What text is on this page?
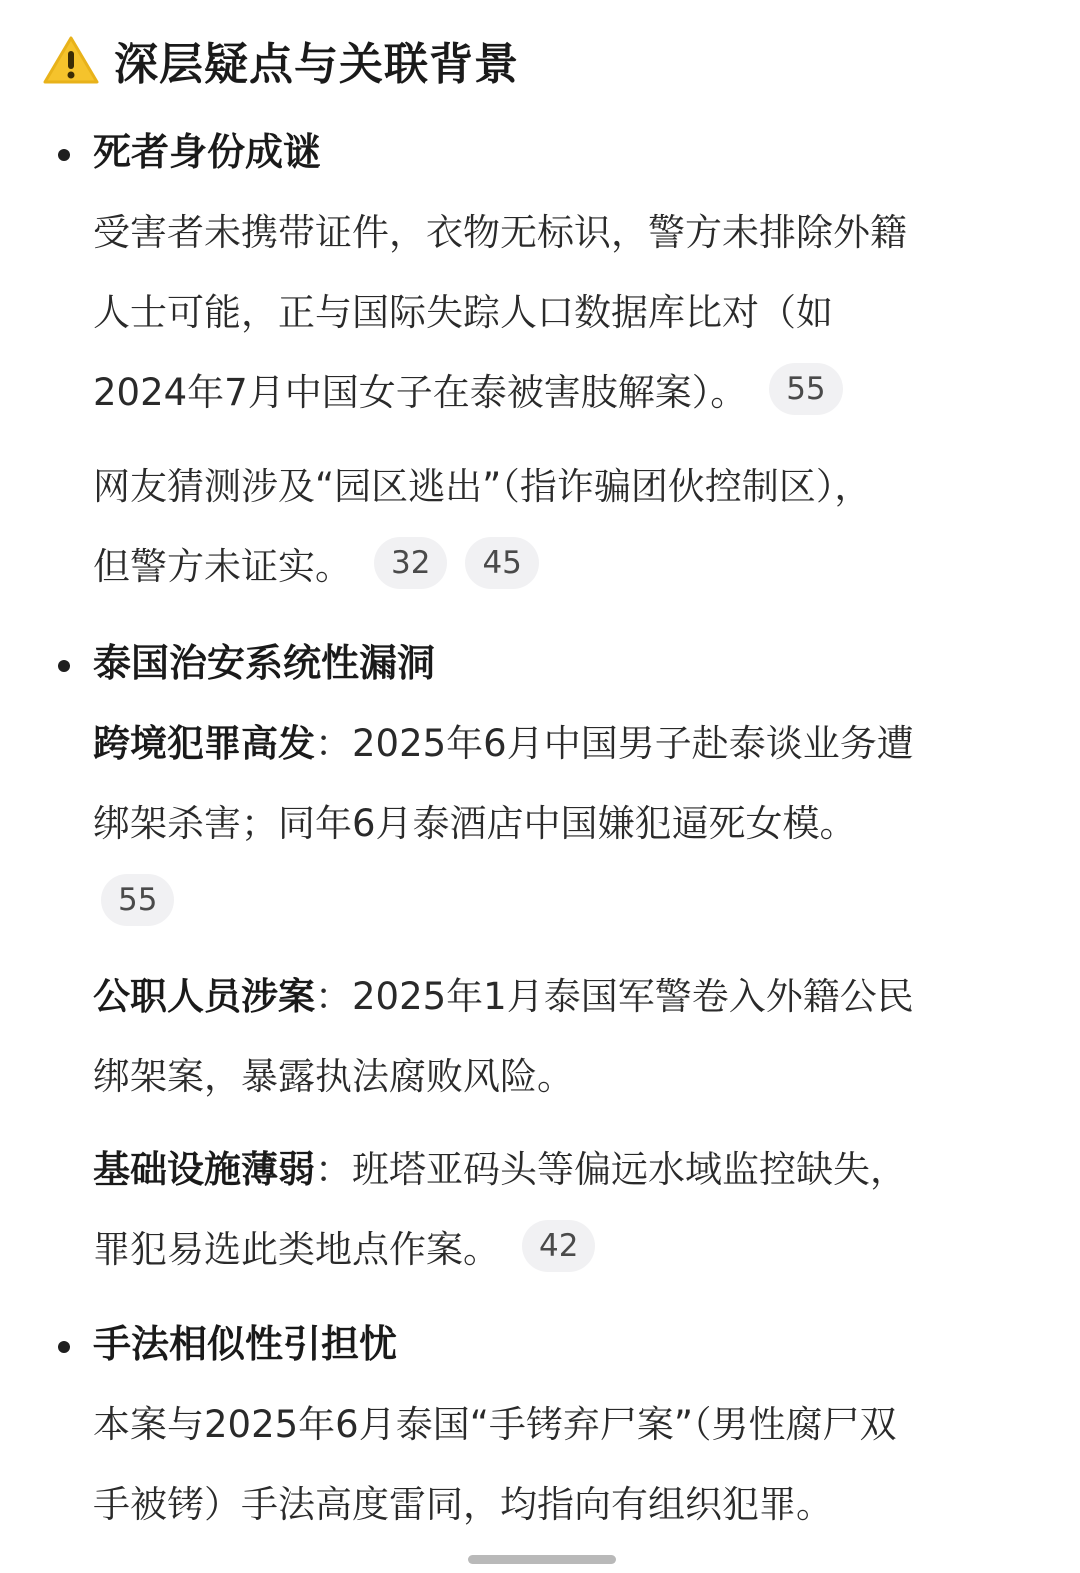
深层疑点与关联背景
死者身份成谜

受害者未携带证件，衣物无标识，警方未排除外籍
人士可能，正与国际失踪人口数据库比对（如
2024年7月中国女子在泰被害肢解案）。 55

网友猜测涉及“园区逃出”（指诈骗团伙控制区），
但警方未证实。 32 45

泰国治安系统性漏洞

跨境犯罪高发：2025年6月中国男子赴泰谈业务遭
绑架杀害；同年6月泰酒店中国嫌犯逼死女模。
55

公职人员涉案：2025年1月泰国军警卷入外籍公民
绑架案，暴露执法腐败风险。

基础设施薄弱：班塔亚码头等偏远水域监控缺失，
罪犯易选此类地点作案。 42

手法相似性引担忧

本案与2025年6月泰国“手铐弃尸案”（男性腐尸双
手被铐）手法高度雷同，均指向有组织犯罪。
